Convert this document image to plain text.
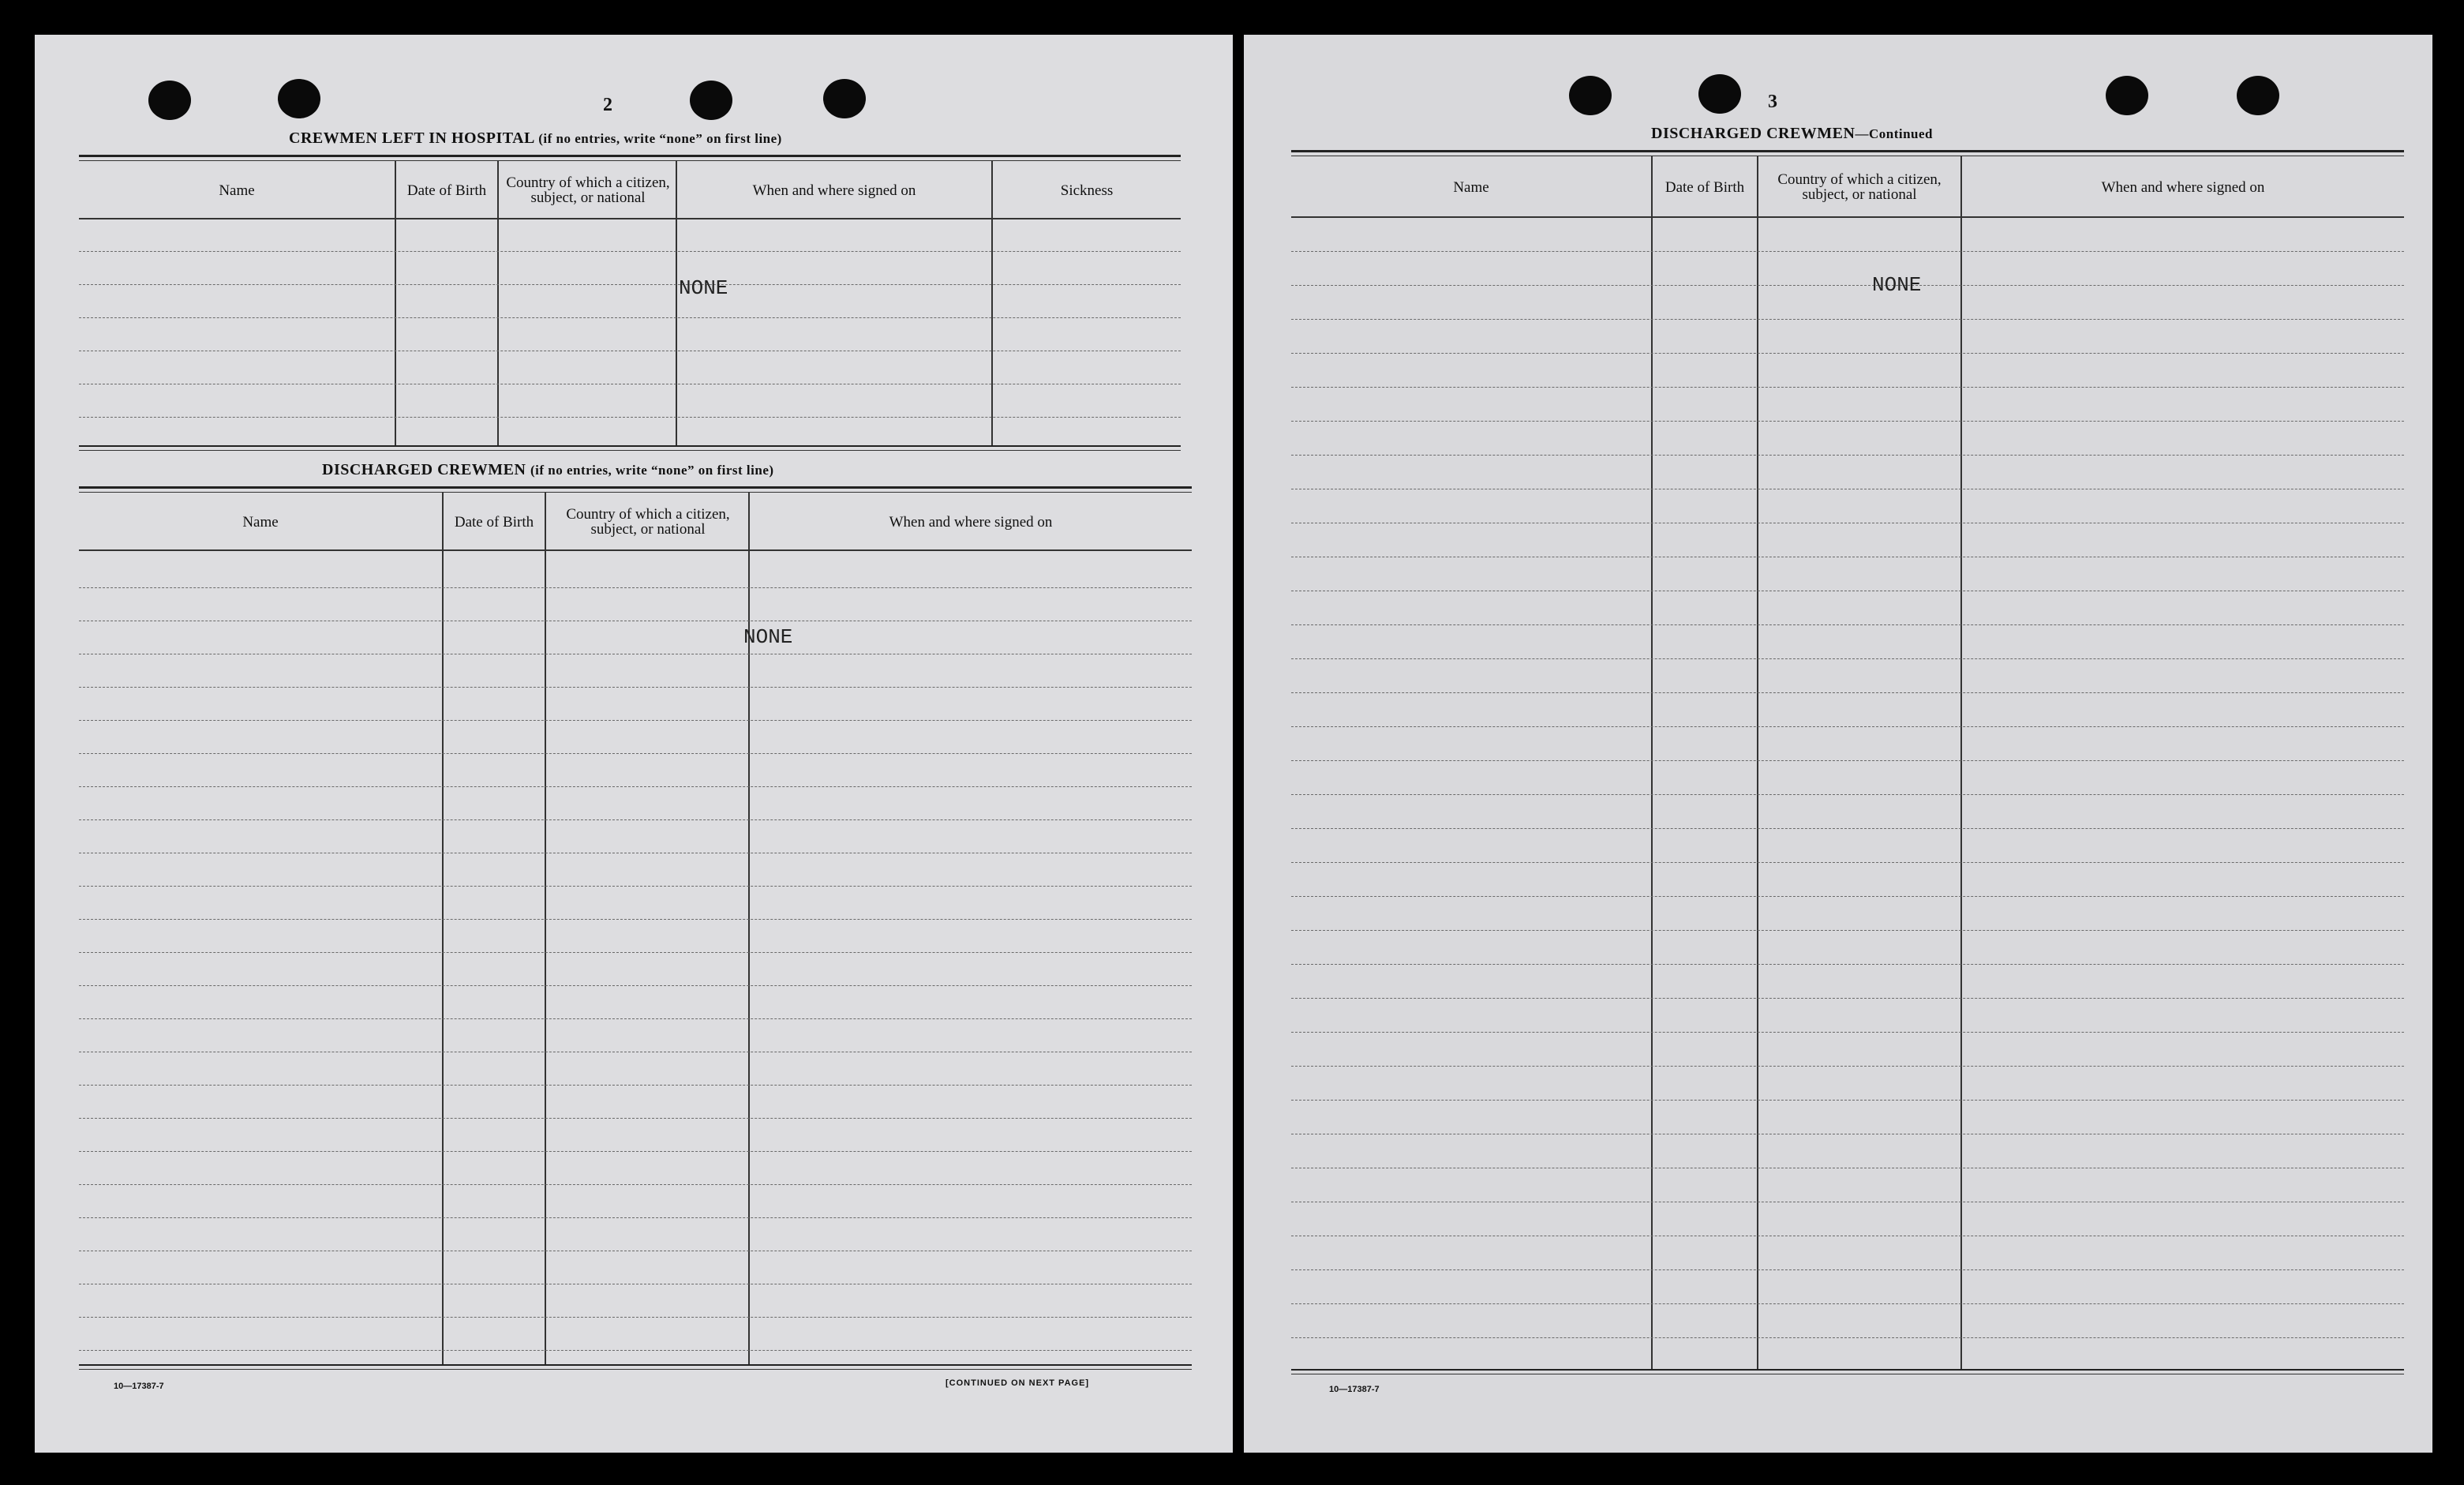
2
CREWMEN LEFT IN HOSPITAL (if no entries, write “none” on first line)
Name	Date of Birth	Country of which a citizen, subject, or national	When and where signed on	Sickness
NONE
DISCHARGED CREWMEN (if no entries, write “none” on first line)
Name	Date of Birth	Country of which a citizen, subject, or national	When and where signed on
NONE
10—17387-7	[CONTINUED ON NEXT PAGE]
3
DISCHARGED CREWMEN—Continued
Name	Date of Birth	Country of which a citizen, subject, or national	When and where signed on
NONE
10—17387-7
